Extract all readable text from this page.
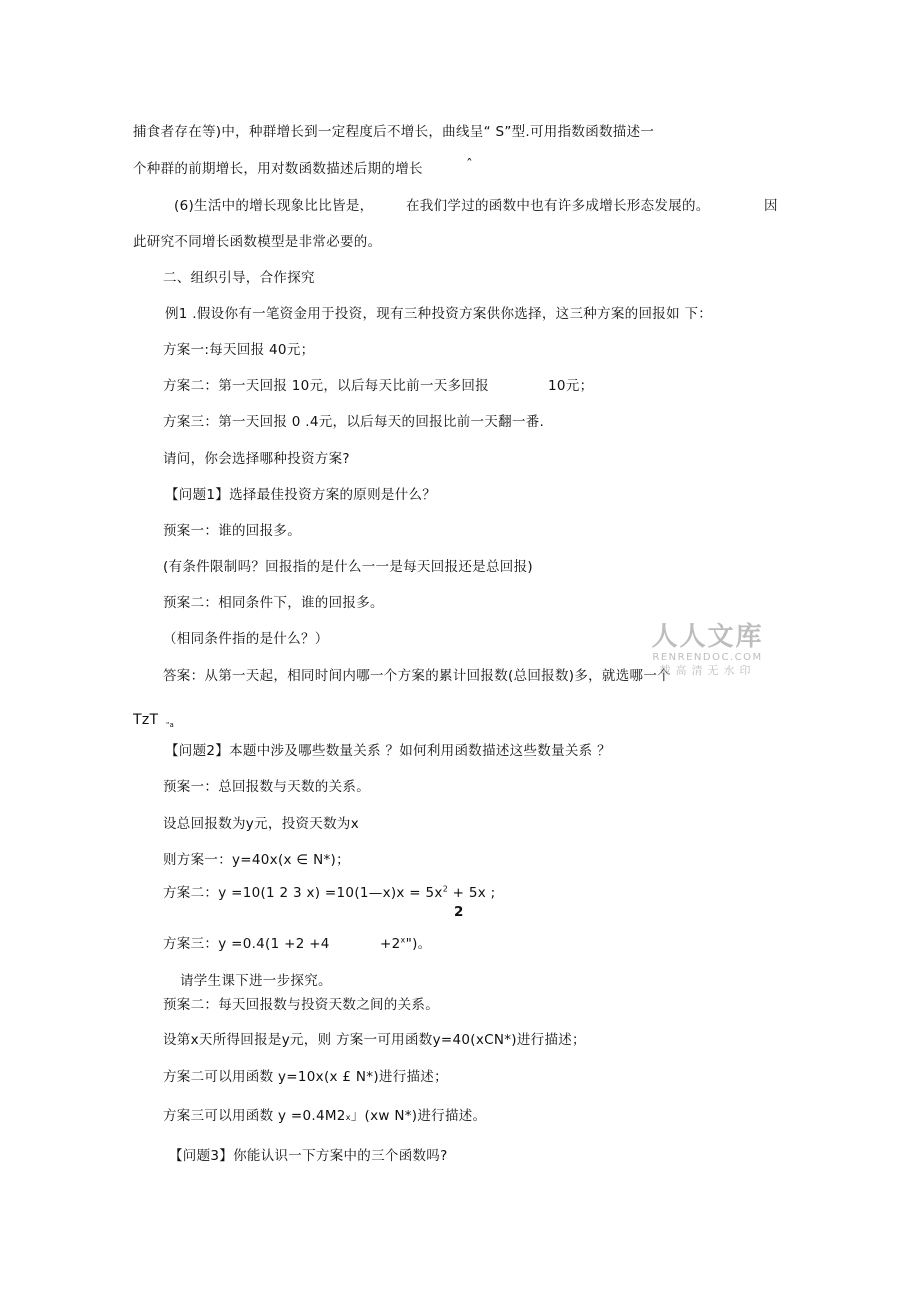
捕食者存在等)中，种群增长到一定程度后不增长，曲线呈“ S”型.可用指数函数描述一
个种群的前期增长，用对数函数描述后期的增长	ˆ
(6)生活中的增长现象比比皆是， 在我们学过的函数中也有许多成增长形态发展的。	因
此研究不同增长函数模型是非常必要的。
二、组织引导，合作探究
例1 .假设你有一笔资金用于投资，现有三种投资方案供你选择，这三种方案的回报如 下：
方案一:每天回报 40元；
方案二：第一天回报 10元，以后每天比前一天多回报	10元；
方案三：第一天回报 0 .4元，以后每天的回报比前一天翻一番.
请问，你会选择哪种投资方案?
【问题1】选择最佳投资方案的原则是什么？
预案一：谁的回报多。
(有条件限制吗？回报指的是什么一一是每天回报还是总回报)
预案二：相同条件下，谁的回报多。
（相同条件指的是什么？）
答案：从第一天起，相同时间内哪一个方案的累计回报数(总回报数)多，就选哪一个
TzT "a
【问题2】本题中涉及哪些数量关系 ？如何利用函数描述这些数量关系 ？
预案一：总回报数与天数的关系。
设总回报数为y元，投资天数为x
则方案一：y=40x(x ∈ N*)；
方案二：y =10(1 2 3 x) =10(1—x)x = $5x^2 + 5x$ ;
2
方案三：y =0.4(1 +2 +4	$+2^x$")。
请学生课下进一步探究。
预案二：每天回报数与投资天数之间的关系。
设第x天所得回报是y元，则 方案一可用函数y=40(xCN*)进行描述；
方案二可以用函数 y=10x(x £ N*)进行描述；
方案三可以用函数 y =0.4M2x」(xw N*)进行描述。
【问题3】你能认识一下方案中的三个函数吗?
人人文库
RENRENDOC.COM
载高清无水印
